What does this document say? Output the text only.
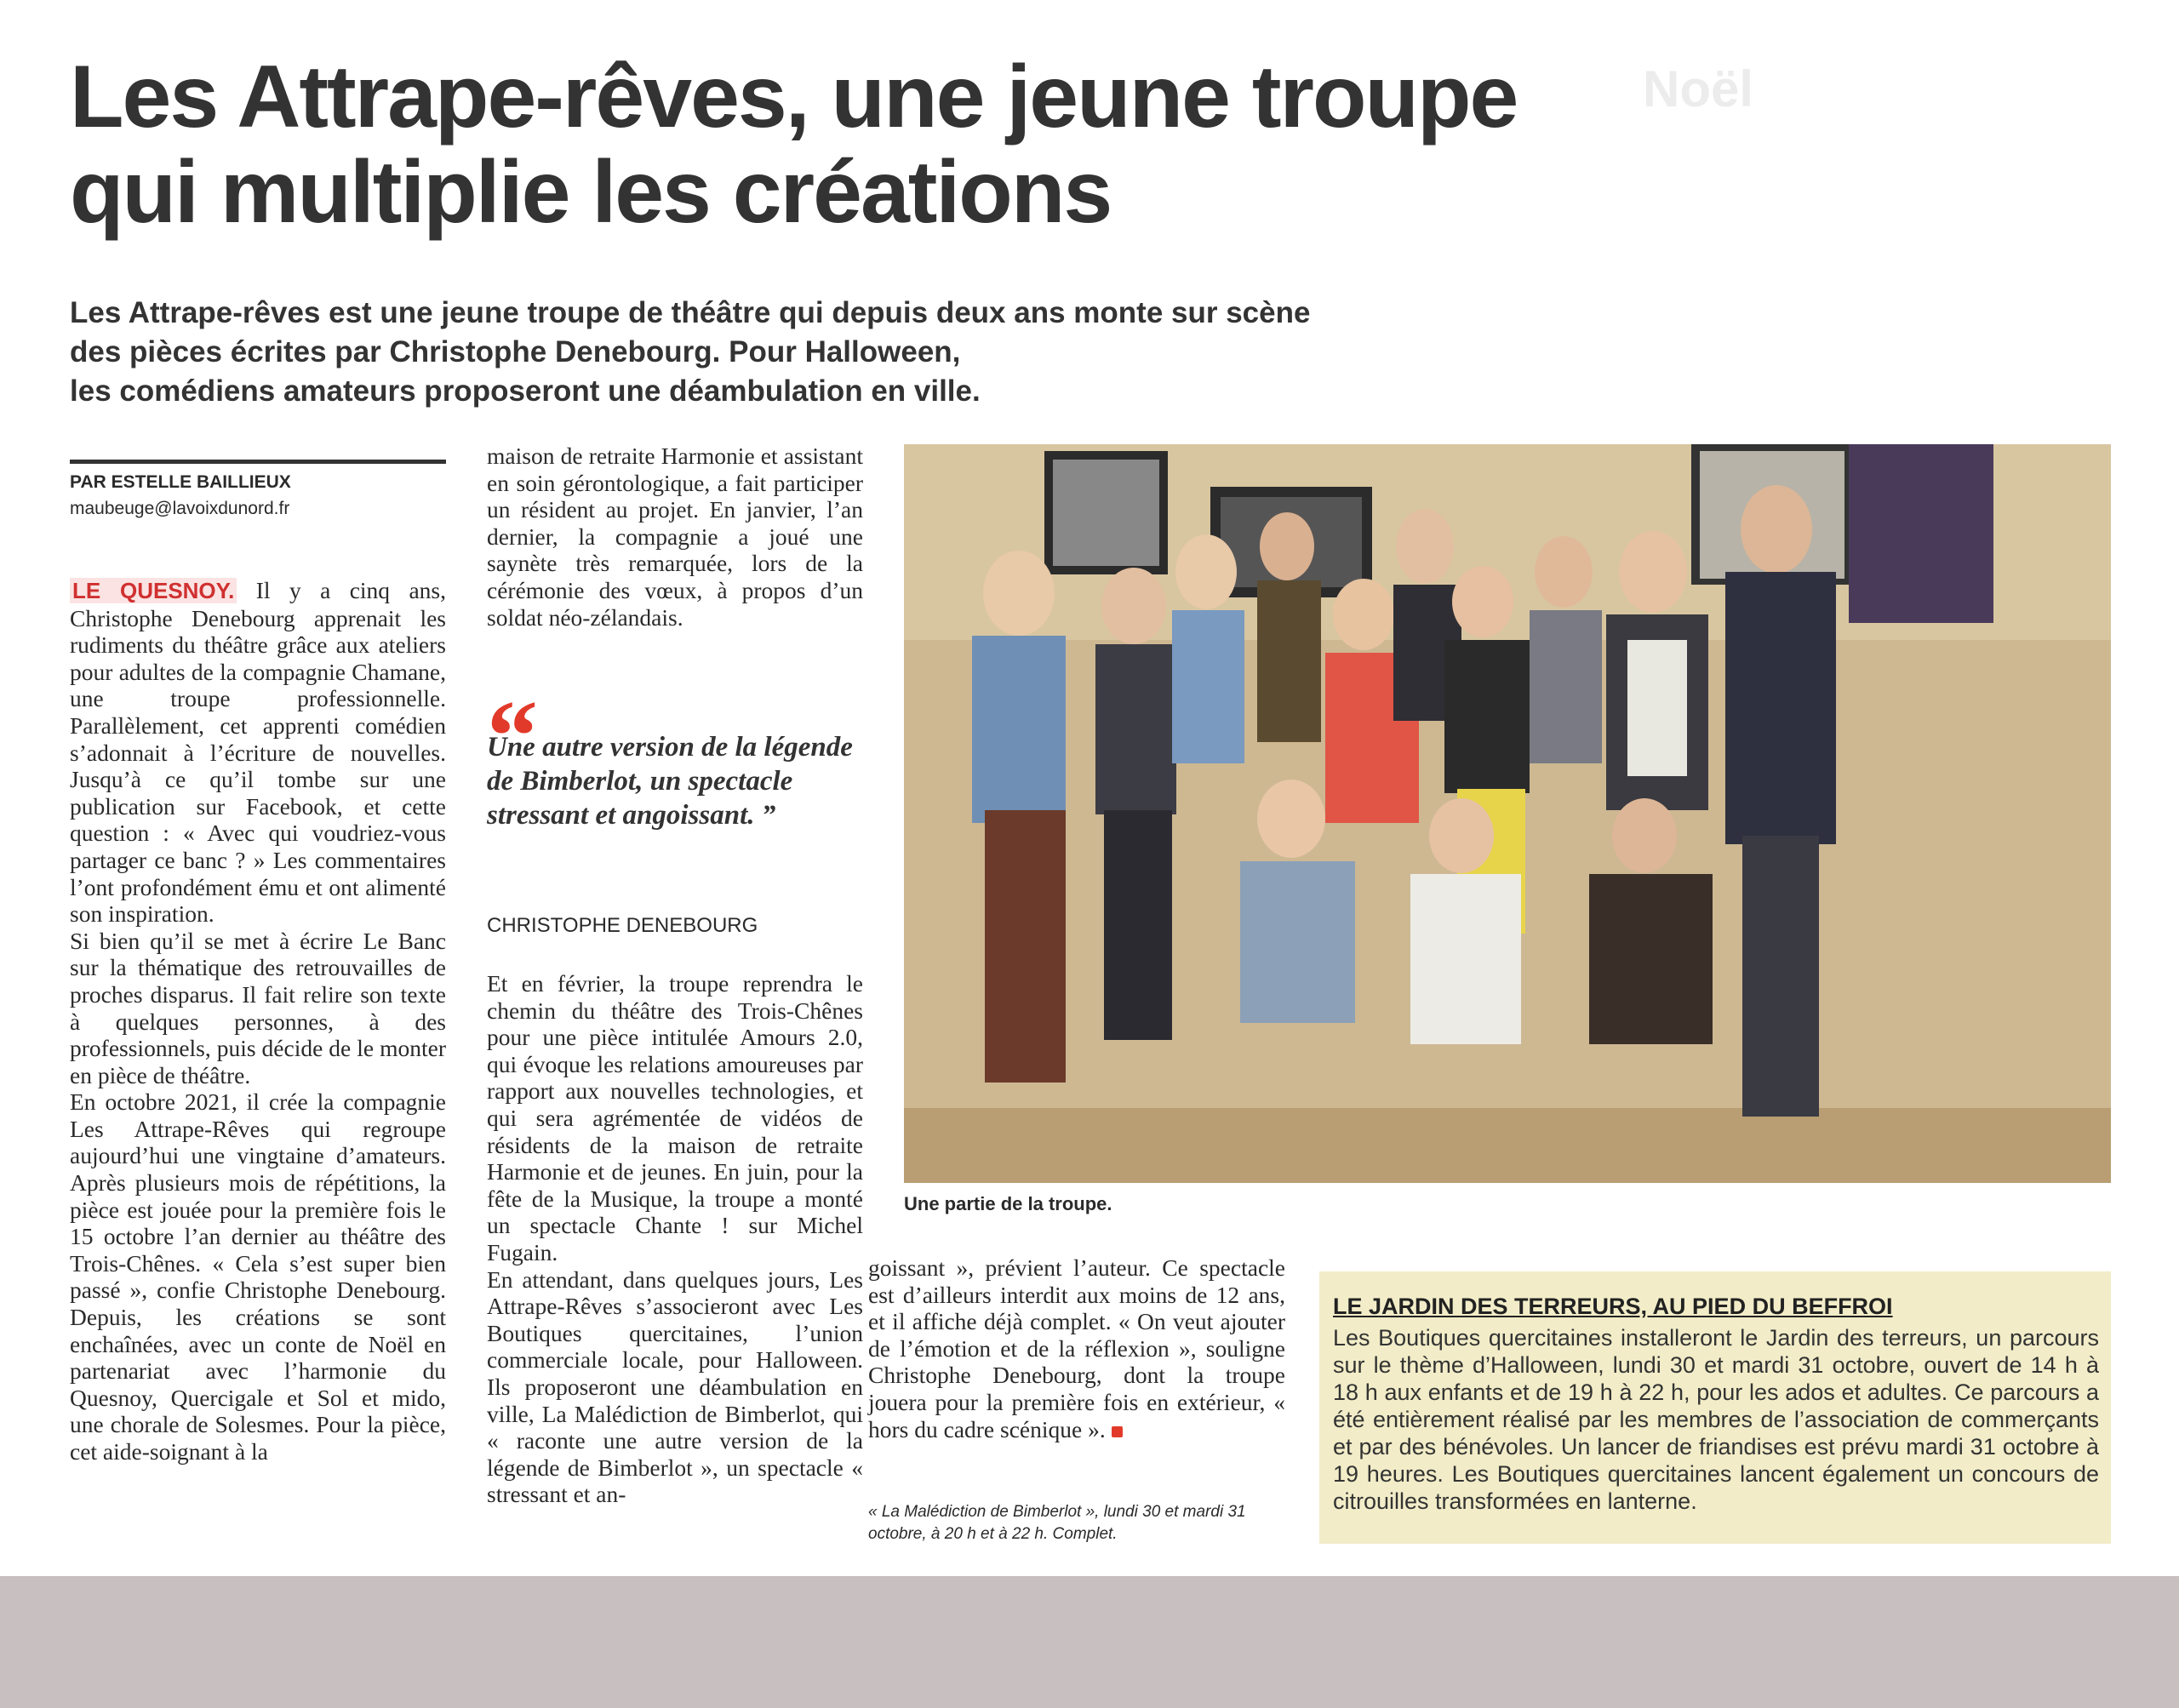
Noël
Les Attrape-rêves, une jeune troupe
qui multiplie les créations
Les Attrape-rêves est une jeune troupe de théâtre qui depuis deux ans monte sur scène
des pièces écrites par Christophe Denebourg. Pour Halloween,
les comédiens amateurs proposeront une déambulation en ville.
PAR ESTELLE BAILLIEUX
maubeuge@lavoixdunord.fr

LE QUESNOY. Il y a cinq ans, Christophe Denebourg apprenait les rudiments du théâtre grâce aux ateliers pour adultes de la compagnie Chamane, une troupe professionnelle. Parallèlement, cet apprenti comédien s’adonnait à l’écriture de nouvelles. Jusqu’à ce qu’il tombe sur une publication sur Facebook, et cette question : « Avec qui voudriez-vous partager ce banc ? » Les commentaires l’ont profondément ému et ont alimenté son inspiration.

Si bien qu’il se met à écrire Le Banc sur la thématique des retrouvailles de proches disparus. Il fait relire son texte à quelques personnes, à des professionnels, puis décide de le monter en pièce de théâtre.

En octobre 2021, il crée la compagnie Les Attrape-Rêves qui regroupe aujourd’hui une vingtaine d’amateurs. Après plusieurs mois de répétitions, la pièce est jouée pour la première fois le 15 octobre l’an dernier au théâtre des Trois-Chênes. « Cela s’est super bien passé », confie Christophe Denebourg. Depuis, les créations se sont enchaînées, avec un conte de Noël en partenariat avec l’harmonie du Quesnoy, Quercigale et Sol et mido, une chorale de Solesmes. Pour la pièce, cet aide-soignant à la

maison de retraite Harmonie et assistant en soin gérontologique, a fait participer un résident au projet. En janvier, l’an dernier, la compagnie a joué une saynète très remarquée, lors de la cérémonie des vœux, à propos d’un soldat néo-zélandais.

“
Une autre version de la légende de Bimberlot, un spectacle stressant et angoissant. ”
CHRISTOPHE DENEBOURG

Et en février, la troupe reprendra le chemin du théâtre des Trois-Chênes pour une pièce intitulée Amours 2.0, qui évoque les relations amoureuses par rapport aux nouvelles technologies, et qui sera agrémentée de vidéos de résidents de la maison de retraite Harmonie et de jeunes. En juin, pour la fête de la Musique, la troupe a monté un spectacle Chante ! sur Michel Fugain.

En attendant, dans quelques jours, Les Attrape-Rêves s’associeront avec Les Boutiques quercitaines, l’union commerciale locale, pour Halloween. Ils proposeront une déambulation en ville, La Malédiction de Bimberlot, qui « raconte une autre version de la légende de Bimberlot », un spectacle « stressant et an-

Une partie de la troupe.

goissant », prévient l’auteur. Ce spectacle est d’ailleurs interdit aux moins de 12 ans, et il affiche déjà complet. « On veut ajouter de l’émotion et de la réflexion », souligne Christophe Denebourg, dont la troupe jouera pour la première fois en extérieur, « hors du cadre scénique ».

« La Malédiction de Bimberlot », lundi 30 et mardi 31 octobre, à 20 h et à 22 h. Complet.
LE JARDIN DES TERREURS, AU PIED DU BEFFROI
Les Boutiques quercitaines installeront le Jardin des terreurs, un parcours sur le thème d’Halloween, lundi 30 et mardi 31 octobre, ouvert de 14 h à 18 h aux enfants et de 19 h à 22 h, pour les ados et adultes. Ce parcours a été entièrement réalisé par les membres de l’association de commerçants et par des bénévoles. Un lancer de friandises est prévu mardi 31 octobre à 19 heures. Les Boutiques quercitaines lancent également un concours de citrouilles transformées en lanterne.
